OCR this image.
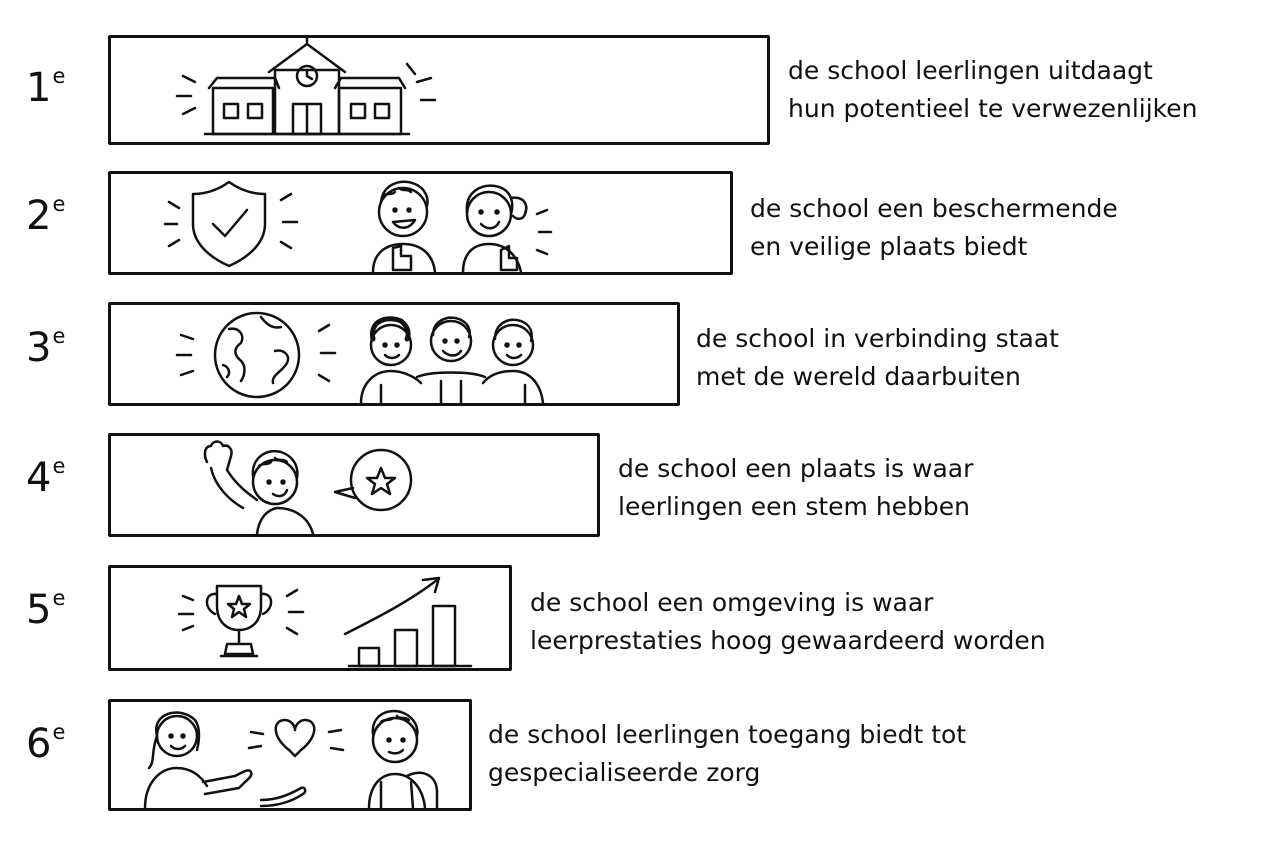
1e	de school leerlingen uitdaagt
hun potentieel te verwezenlijken
2e	de school een beschermende
en veilige plaats biedt
3e	de school in verbinding staat
met de wereld daarbuiten
4e	de school een plaats is waar
leerlingen een stem hebben
5e	de school een omgeving is waar
leerprestaties hoog gewaardeerd worden
6e	de school leerlingen toegang biedt tot
gespecialiseerde zorg
